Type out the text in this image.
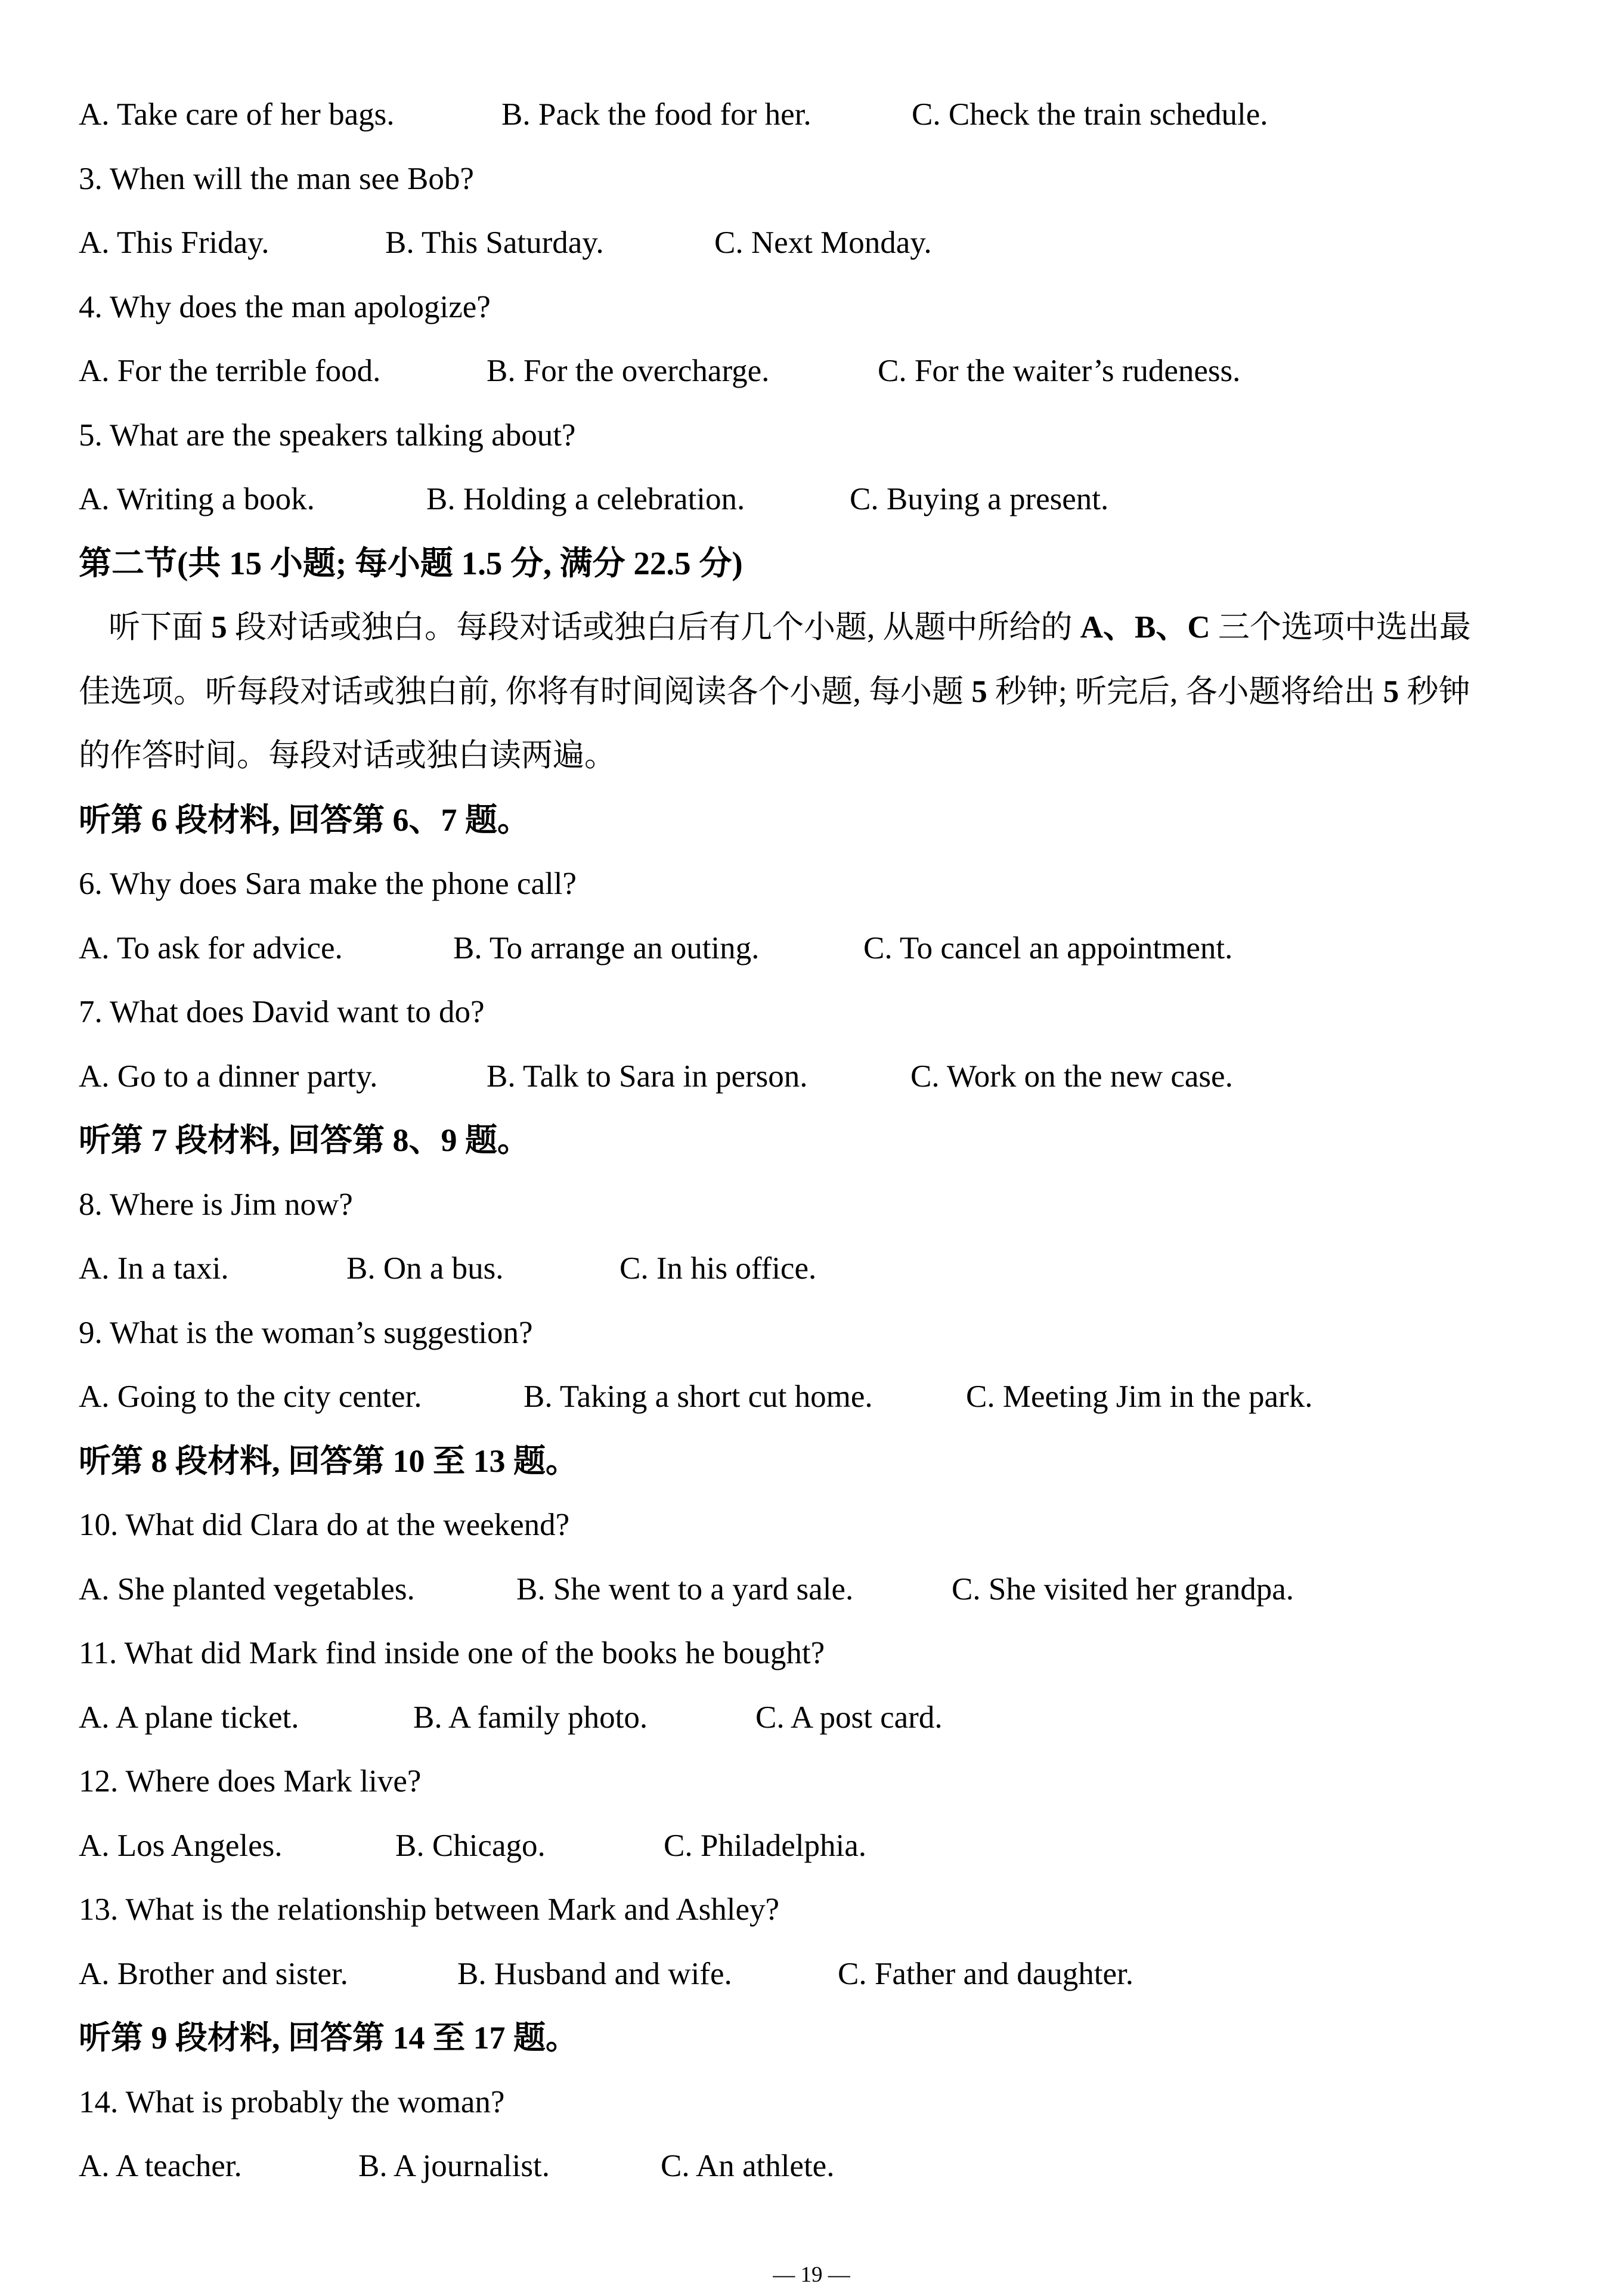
A. Take care of her bags.

	B. Pack the food for her.

	C. Check the train schedule.

3. When will the man see Bob?

A. This Friday.

	B. This Saturday.

	C. Next Monday.

4. Why does the man apologize?

A. For the terrible food.

	B. For the overcharge.

	C. For the waiter’s rudeness.

5. What are the speakers talking about?

A. Writing a book.

	B. Holding a celebration.

	C. Buying a present.

第二节(共 15 小题; 每小题 1.5 分, 满分 22.5 分)

听下面 5 段对话或独白。每段对话或独白后有几个小题, 从题中所给的 A、B、C 三个选项中选出最

佳选项。听每段对话或独白前, 你将有时间阅读各个小题, 每小题 5 秒钟; 听完后, 各小题将给出 5 秒钟

的作答时间。每段对话或独白读两遍。

听第 6 段材料, 回答第 6、7 题。

6. Why does Sara make the phone call?

A. To ask for advice.

	B. To arrange an outing.

	C. To cancel an appointment.

7. What does David want to do?

A. Go to a dinner party.

	B. Talk to Sara in person.

	C. Work on the new case.

听第 7 段材料, 回答第 8、9 题。

8. Where is Jim now?

A. In a taxi.

	B. On a bus.

	C. In his office.

9. What is the woman’s suggestion?

A. Going to the city center.

	B. Taking a short cut home.

	C. Meeting Jim in the park.

听第 8 段材料, 回答第 10 至 13 题。

10. What did Clara do at the weekend?

A. She planted vegetables.

	B. She went to a yard sale.

	C. She visited her grandpa.

11. What did Mark find inside one of the books he bought?

A. A plane ticket.

	B. A family photo.

	C. A post card.

12. Where does Mark live?

A. Los Angeles.

	B. Chicago.

	C. Philadelphia.

13. What is the relationship between Mark and Ashley?

A. Brother and sister.

	B. Husband and wife.

	C. Father and daughter.

听第 9 段材料, 回答第 14 至 17 题。

14. What is probably the woman?

A. A teacher.

	B. A journalist.

	C. An athlete.

— 19 —
